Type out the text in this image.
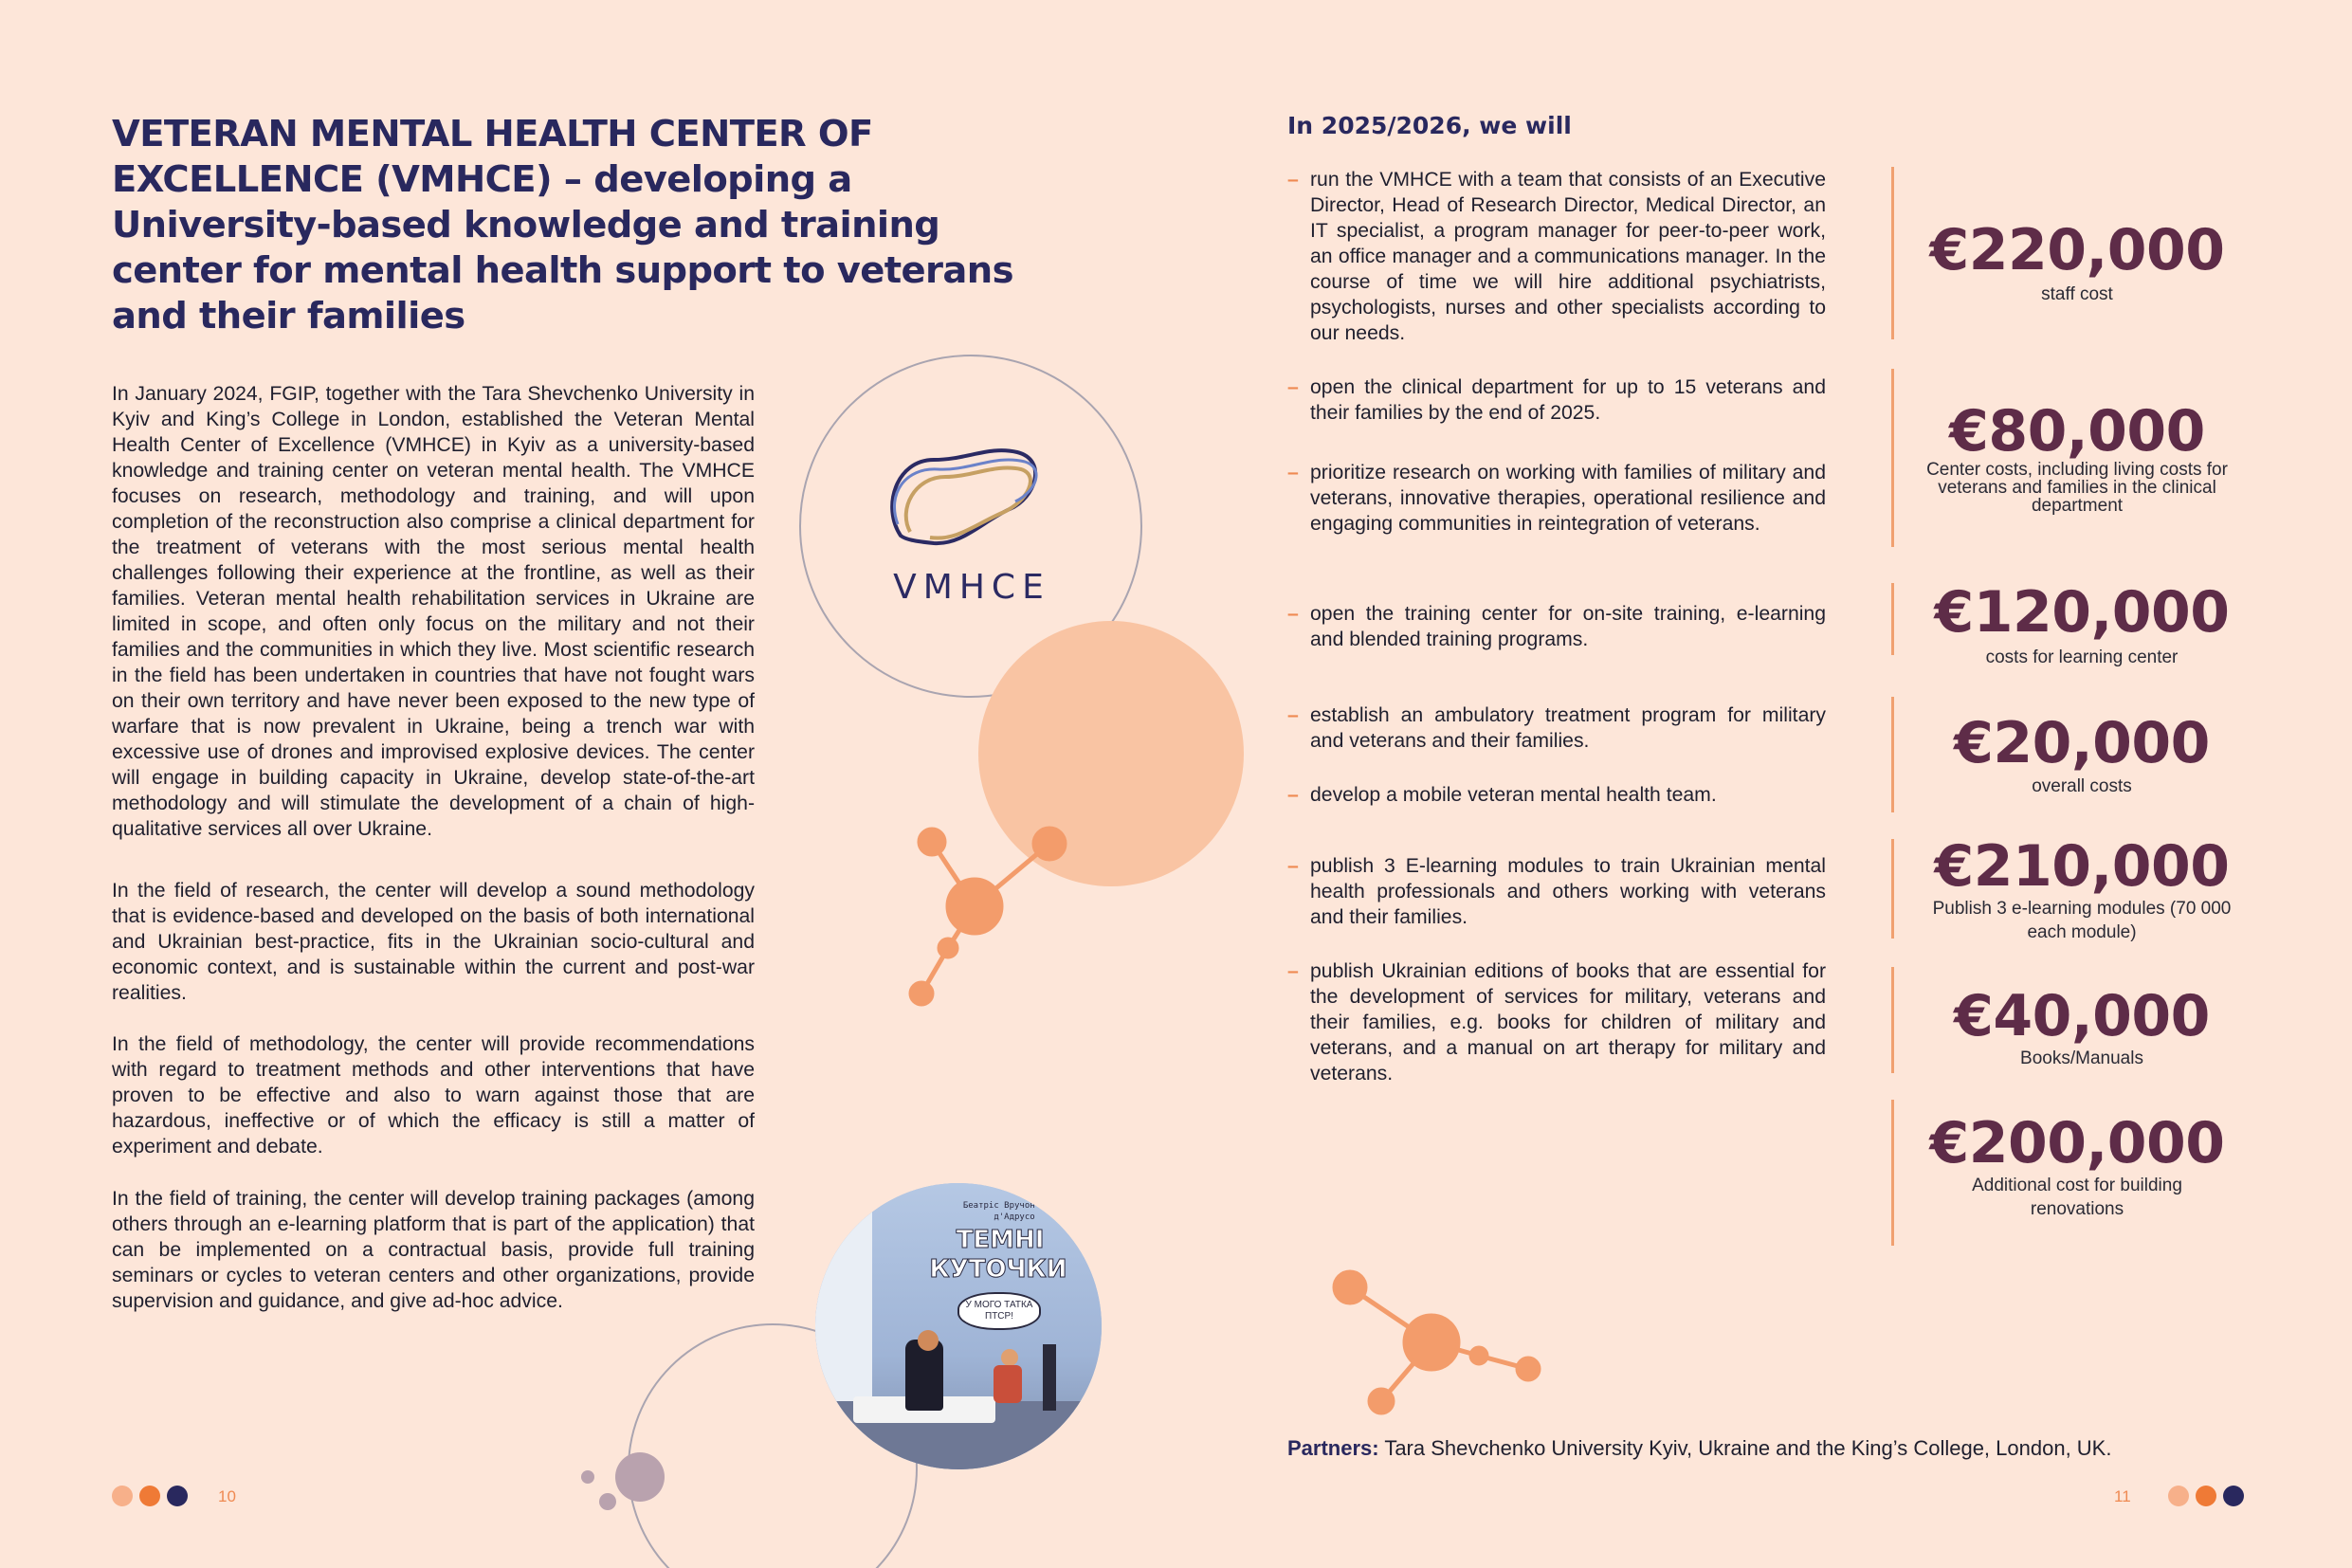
VMHCE
Беатріс Вручон Вікто д'Адрусо
ТЕМНІ
КУТОЧКИ
У МОГО ТАТКА ПТСР!
VETERAN MENTAL HEALTH CENTER OF EXCELLENCE (VMHCE) – developing a University-based knowledge and training center for mental health support to veterans and their families
In January 2024, FGIP, together with the Tara Shevchenko University in Kyiv and King’s College in London, established the Veteran Mental Health Center of Excellence (VMHCE) in Kyiv as a university-based knowledge and training center on veteran mental health. The VMHCE focuses on research, methodology and training, and will upon completion of the reconstruction also comprise a clinical department for the treatment of veterans with the most serious mental health challenges following their experience at the frontline, as well as their families. Veteran mental health rehabilitation services in Ukraine are limited in scope, and often only focus on the military and not their families and the communities in which they live. Most scientific research in the field has been undertaken in countries that have not fought wars on their own territory and have never been exposed to the new type of warfare that is now prevalent in Ukraine, being a trench war with excessive use of drones and improvised explosive devices. The center will engage in building capacity in Ukraine, develop state-of-the-art methodology and will stimulate the development of a chain of high-qualitative services all over Ukraine.
In the field of research, the center will develop a sound methodology that is evidence-based and developed on the basis of both international and Ukrainian best-practice, fits in the Ukrainian socio-cultural and economic context, and is sustainable within the current and post-war realities.
In the field of methodology, the center will provide recommendations with regard to treatment methods and other interventions that have proven to be effective and also to warn against those that are hazardous, ineffective or of which the efficacy is still a matter of experiment and debate.
In the field of training, the center will develop training packages (among others through an e-learning platform that is part of the application) that can be implemented on a contractual basis, provide full training seminars or cycles to veteran centers and other organizations, provide supervision and guidance, and give ad-hoc advice.
10
In 2025/2026, we will
– run the VMHCE with a team that consists of an Executive Director, Head of Research Director, Medical Director, an IT specialist, a program manager for peer-to-peer work, an office manager and a communications manager. In the course of time we will hire additional psychiatrists, psychologists, nurses and other specialists according to our needs.
– open the clinical department for up to 15 veterans and their families by the end of 2025.
– prioritize research on working with families of military and veterans, innovative therapies, operational resilience and engaging communities in reintegration of veterans.
– open the training center for on-site training, e-learning and blended training programs.
– establish an ambulatory treatment program for military and veterans and their families.
– develop a mobile veteran mental health team.
– publish 3 E-learning modules to train Ukrainian mental health professionals and others working with veterans and their families.
– publish Ukrainian editions of books that are essential for the development of services for military, veterans and their families, e.g. books for children of military and veterans, and a manual on art therapy for military and veterans.
€220,000
staff cost
€80,000
Center costs, including living costs for veterans and families in the clinical department
€120,000
costs for learning center
€20,000
overall costs
€210,000
Publish 3 e-learning modules (70 000 each module)
€40,000
Books/Manuals
€200,000
Additional cost for building renovations
Partners: Tara Shevchenko University Kyiv, Ukraine and the King’s College, London, UK.
11
